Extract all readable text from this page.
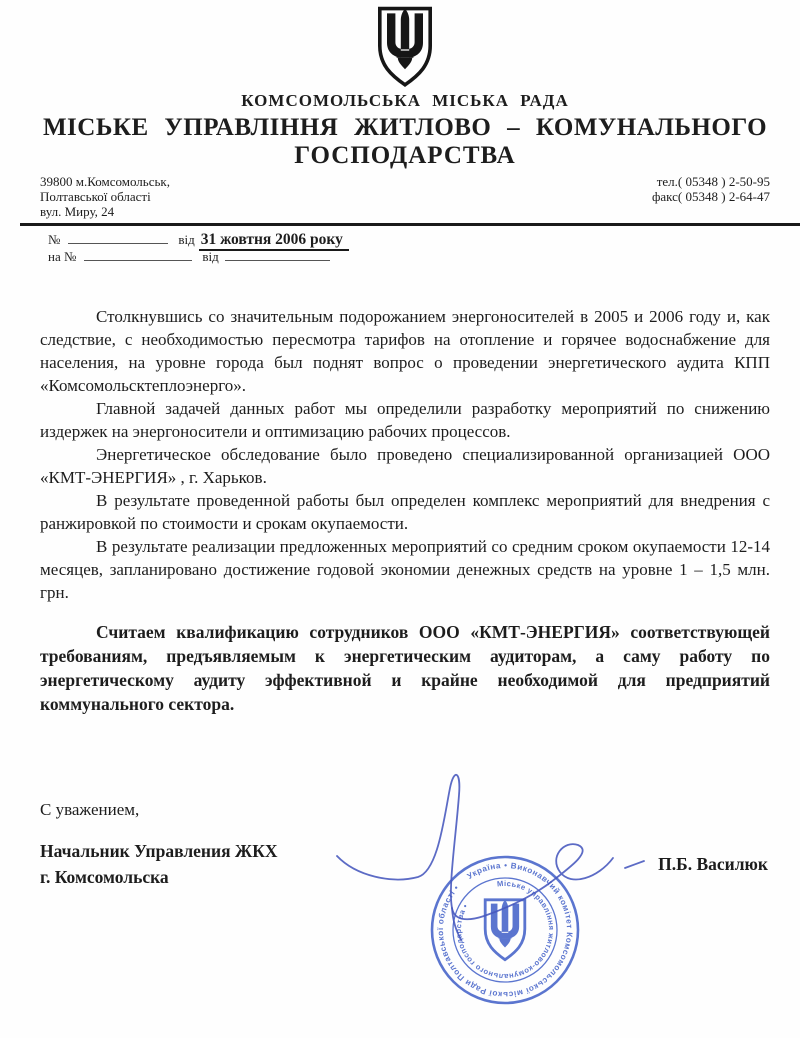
КОМСОМОЛЬСЬКА МІСЬКА РАДА
МІСЬКЕ УПРАВЛІННЯ ЖИТЛОВО – КОМУНАЛЬНОГО
ГОСПОДАРСТВА
39800 м.Комсомольськ,
Полтавської області
вул. Миру, 24
тел.( 05348 ) 2-50-95
факс( 05348 ) 2-64-47
№	від 31 жовтня 2006 року
на №	від

Столкнувшись со значительным подорожанием энергоносителей в 2005 и 2006 году и, как следствие, с необходимостью пересмотра тарифов на отопление и горячее водоснабжение для населения, на уровне города был поднят вопрос о проведении энергетического аудита КПП «Комсомольсктеплоэнерго».

Главной задачей данных работ мы определили разработку мероприятий по снижению издержек на энергоносители и оптимизацию рабочих процессов.

Энергетическое обследование было проведено специализированной организацией ООО «КМТ-ЭНЕРГИЯ» , г. Харьков.

В результате проведенной работы был определен комплекс мероприятий для внедрения с ранжировкой по стоимости и срокам окупаемости.

В результате реализации предложенных мероприятий со средним сроком окупаемости 12-14 месяцев, запланировано достижение годовой экономии денежных средств на уровне 1 – 1,5 млн. грн.

Считаем квалификацию сотрудников ООО «КМТ-ЭНЕРГИЯ» соответствующей требованиям, предъявляемым к энергетическим аудиторам, а саму работу по энергетическому аудиту эффективной и крайне необходимой для предприятий коммунального сектора.

С уважением,

Начальник Управления ЖКХ
г. Комсомольска
П.Б. Василюк
Україна • Виконавчий комітет Комсомольської міської Ради Полтавської області •	Міське управління житлово-комунального господарства •
